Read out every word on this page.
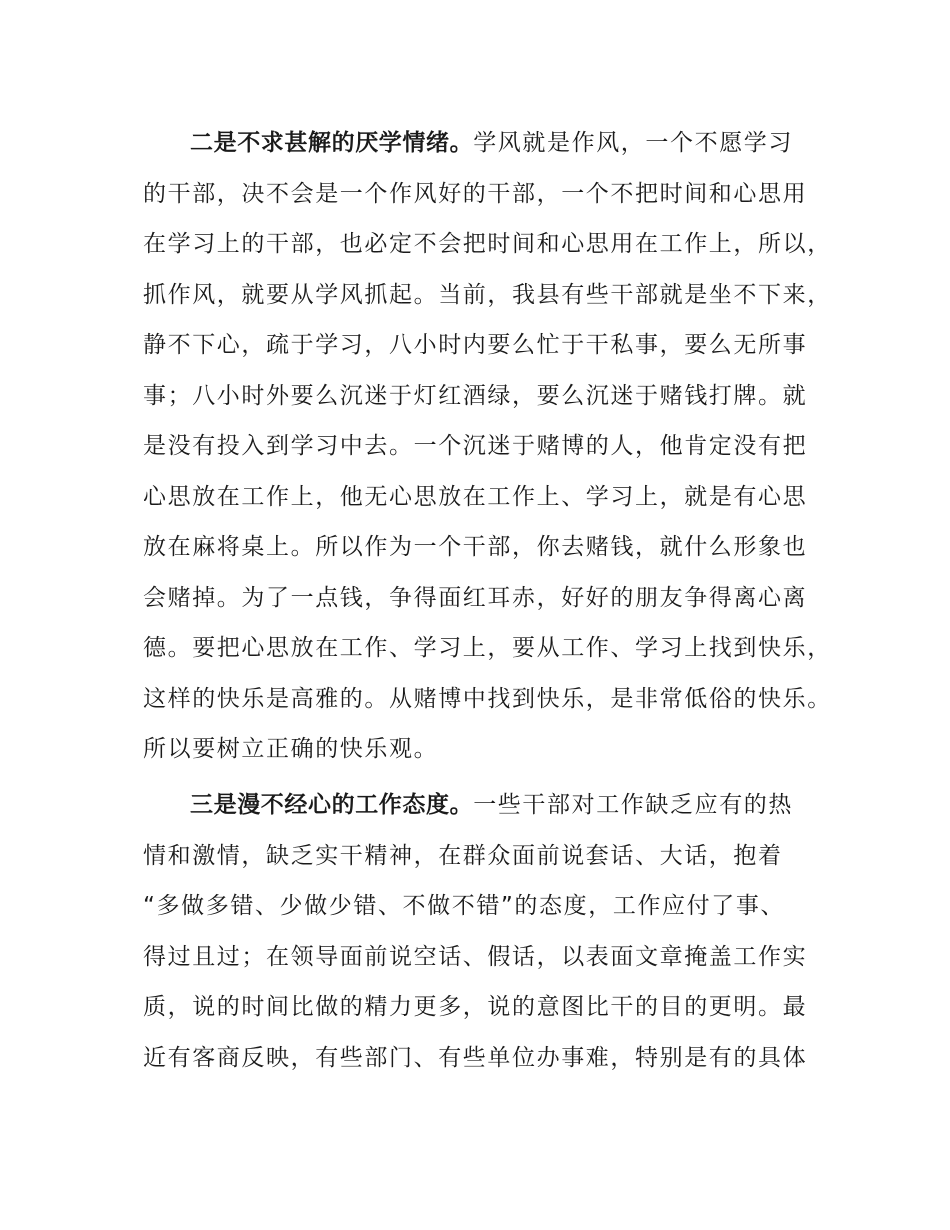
二是不求甚解的厌学情绪。学风就是作风，一个不愿学习
的干部，决不会是一个作风好的干部，一个不把时间和心思用
在学习上的干部，也必定不会把时间和心思用在工作上，所以，
抓作风，就要从学风抓起。当前，我县有些干部就是坐不下来，
静不下心，疏于学习，八小时内要么忙于干私事，要么无所事
事；八小时外要么沉迷于灯红酒绿，要么沉迷于赌钱打牌。就
是没有投入到学习中去。一个沉迷于赌博的人，他肯定没有把
心思放在工作上，他无心思放在工作上、学习上，就是有心思
放在麻将桌上。所以作为一个干部，你去赌钱，就什么形象也
会赌掉。为了一点钱，争得面红耳赤，好好的朋友争得离心离
德。要把心思放在工作、学习上，要从工作、学习上找到快乐，
这样的快乐是高雅的。从赌博中找到快乐，是非常低俗的快乐。
所以要树立正确的快乐观。
三是漫不经心的工作态度。一些干部对工作缺乏应有的热
情和激情，缺乏实干精神，在群众面前说套话、大话，抱着
“多做多错、少做少错、不做不错”的态度，工作应付了事、
得过且过；在领导面前说空话、假话，以表面文章掩盖工作实
质，说的时间比做的精力更多，说的意图比干的目的更明。最
近有客商反映，有些部门、有些单位办事难，特别是有的具体
